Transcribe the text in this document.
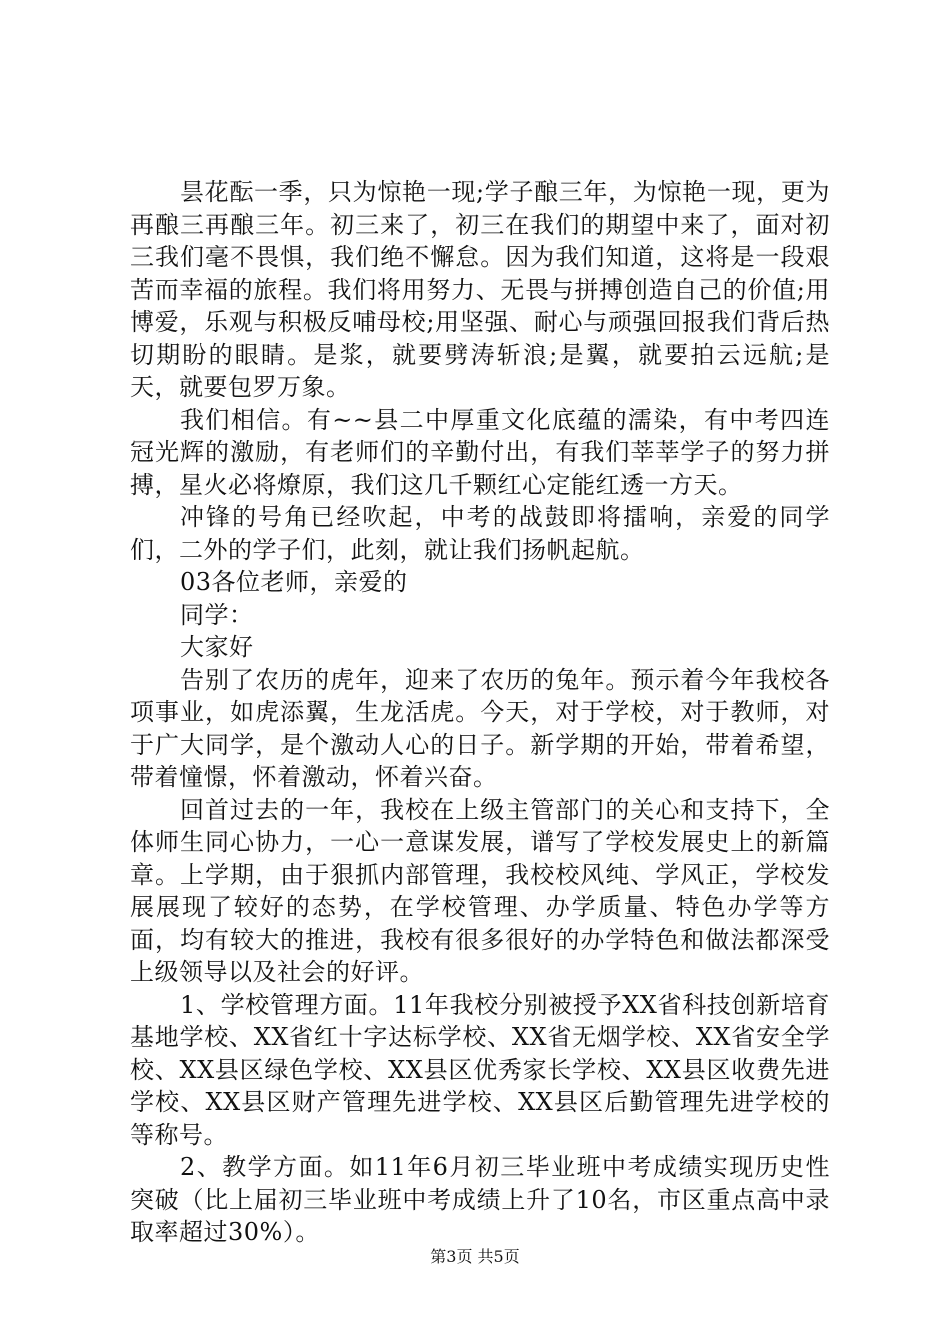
昙花酝一季，只为惊艳一现;学子酿三年，为惊艳一现，更为再酿三再酿三年。初三来了，初三在我们的期望中来了，面对初三我们毫不畏惧，我们绝不懈怠。因为我们知道，这将是一段艰苦而幸福的旅程。我们将用努力、无畏与拼搏创造自己的价值;用博爱，乐观与积极反哺母校;用坚强、耐心与顽强回报我们背后热切期盼的眼睛。是浆，就要劈涛斩浪;是翼，就要拍云远航;是天，就要包罗万象。

我们相信。有~~县二中厚重文化底蕴的濡染，有中考四连冠光辉的激励，有老师们的辛勤付出，有我们莘莘学子的努力拼搏，星火必将燎原，我们这几千颗红心定能红透一方天。

冲锋的号角已经吹起，中考的战鼓即将擂响，亲爱的同学们，二外的学子们，此刻，就让我们扬帆起航。

03各位老师，亲爱的

同学：

大家好

告别了农历的虎年，迎来了农历的兔年。预示着今年我校各项事业，如虎添翼，生龙活虎。今天，对于学校，对于教师，对于广大同学，是个激动人心的日子。新学期的开始，带着希望，带着憧憬，怀着激动，怀着兴奋。

回首过去的一年，我校在上级主管部门的关心和支持下，全体师生同心协力，一心一意谋发展，谱写了学校发展史上的新篇章。上学期，由于狠抓内部管理，我校校风纯、学风正，学校发展展现了较好的态势，在学校管理、办学质量、特色办学等方面，均有较大的推进，我校有很多很好的办学特色和做法都深受上级领导以及社会的好评。

1、学校管理方面。11年我校分别被授予XX省科技创新培育基地学校、XX省红十字达标学校、XX省无烟学校、XX省安全学校、XX县区绿色学校、XX县区优秀家长学校、XX县区收费先进学校、XX县区财产管理先进学校、XX县区后勤管理先进学校的等称号。

2、教学方面。如11年6月初三毕业班中考成绩实现历史性突破（比上届初三毕业班中考成绩上升了10名，市区重点高中录取率超过30%）。

第3页 共5页
